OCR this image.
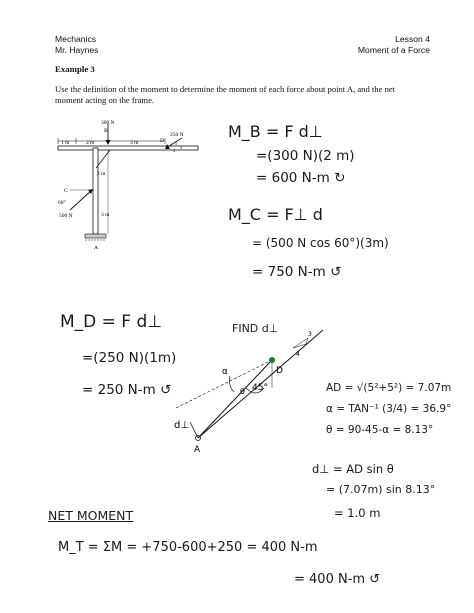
Mechanics
Mr. Haynes
Lesson 4
Moment of a Force
Example 3
Use the definition of the moment to determine the moment of each force about point A, and the net moment acting on the frame.
1 m	2 m	3 m
300 N
B
250 N
D	5
4
3
2 m
3 m
C
60°
500 N
A
M_B = F d⊥
=(300 N)(2 m)
= 600 N-m ↻
M_C = F⊥ d
= (500 N cos 60°)(3m)
= 750 N-m ↺
M_D = F d⊥
=(250 N)(1m)
= 250 N-m ↺
FIND d⊥
D
A
d⊥
45°
α
θ
3
4
AD = √(5²+5²) = 7.07m
α = TAN⁻¹ (3/4) = 36.9°
θ = 90-45-α = 8.13°
d⊥ = AD sin θ
= (7.07m) sin 8.13°
= 1.0 m
NET MOMENT
M_T = ΣM = +750-600+250 = 400 N-m
= 400 N-m ↺
